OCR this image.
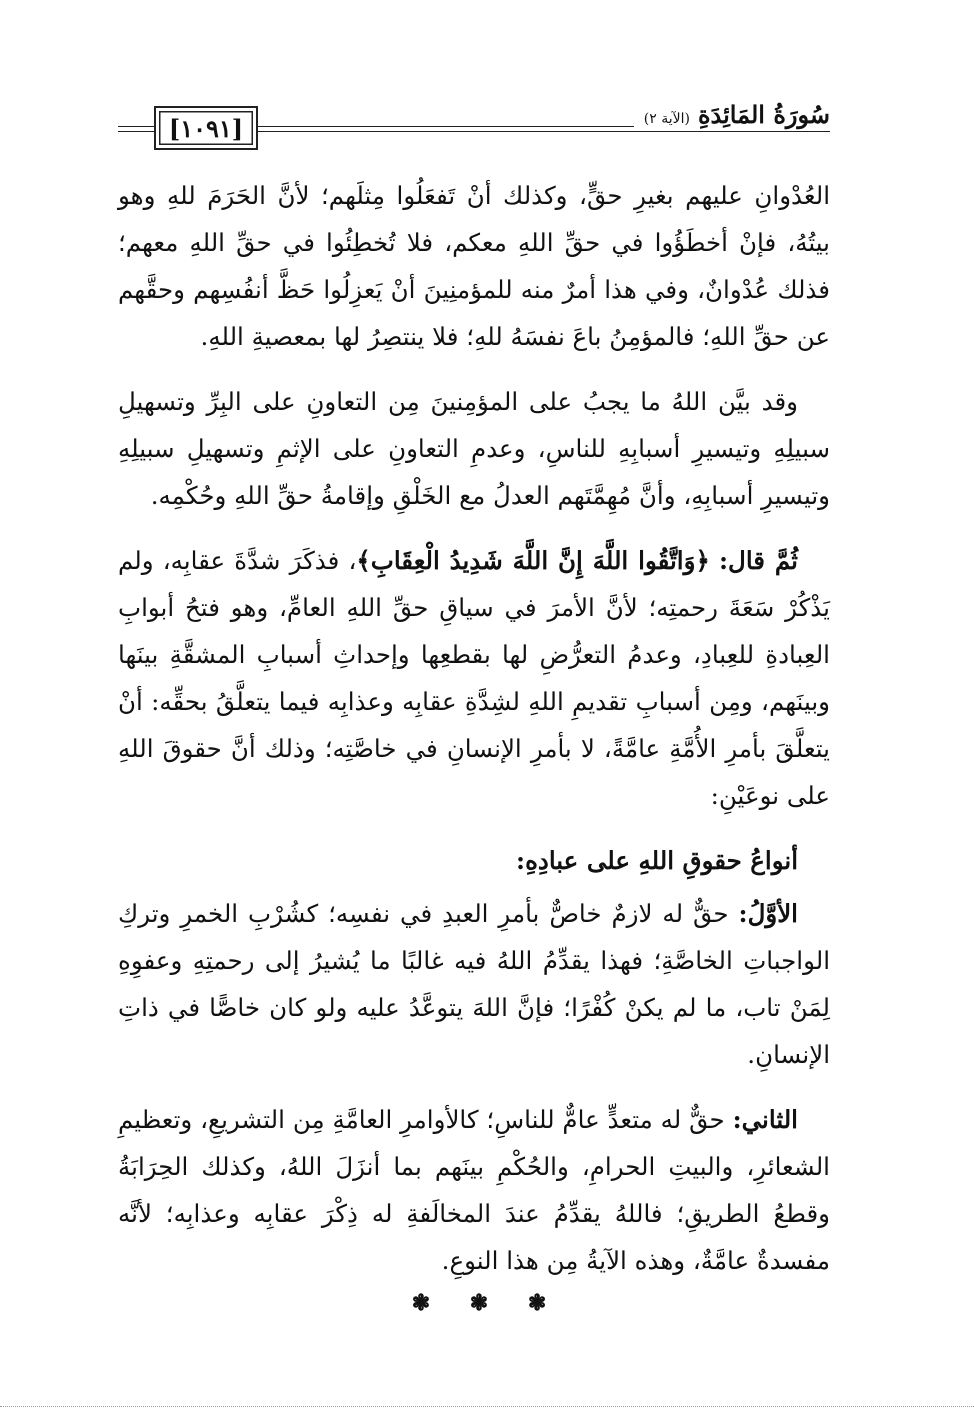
[١٠٩١]	سُورَةُ المَائِدَةِ
(الآية ٢)

العُدْوانِ عليهم بغيرِ حقٍّ، وكذلك أنْ تَفعَلُوا مِثلَهم؛ لأنَّ الحَرَمَ للهِ وهو بيتُهُ، فإنْ أخطَؤُوا في حقِّ اللهِ معكم، فلا تُخطِئُوا في حقِّ اللهِ معهم؛ فذلك عُدْوانٌ، وفي هذا أمرٌ منه للمؤمنِينَ أنْ يَعزِلُوا حَظَّ أنفُسِهم وحقَّهم عن حقِّ اللهِ؛ فالمؤمِنُ باعَ نفسَهُ للهِ؛ فلا ينتصِرُ لها بمعصيةِ اللهِ.

وقد بيَّن اللهُ ما يجبُ على المؤمِنينَ مِن التعاونِ على البِرِّ وتسهيلِ سبيلِهِ وتيسيرِ أسبابِهِ للناسِ، وعدمِ التعاونِ على الإثمِ وتسهيلِ سبيلِهِ وتيسيرِ أسبابِهِ، وأنَّ مُهِمَّتَهم العدلُ مع الخَلْقِ وإقامةُ حقِّ اللهِ وحُكْمِه.

ثُمَّ قال: ﴿وَاتَّقُوا اللَّهَ إِنَّ اللَّهَ شَدِيدُ الْعِقَابِ﴾، فذكَرَ شدَّةَ عقابِه، ولم يَذْكُرْ سَعَةَ رحمتِه؛ لأنَّ الأمرَ في سياقِ حقِّ اللهِ العامِّ، وهو فتحُ أبوابِ العِبادةِ للعِبادِ، وعدمُ التعرُّضِ لها بقطعِها وإحداثِ أسبابِ المشقَّةِ بينَها وبينَهم، ومِن أسبابِ تقديمِ اللهِ لشِدَّةِ عقابِه وعذابِه فيما يتعلَّقُ بحقِّه: أنْ يتعلَّقَ بأمرِ الأُمَّةِ عامَّةً، لا بأمرِ الإنسانِ في خاصَّتِه؛ وذلك أنَّ حقوقَ اللهِ على نوعَيْنِ:

أنواعُ حقوقِ اللهِ على عبادِهِ:

الأوَّلُ: حقٌّ له لازمٌ خاصٌّ بأمرِ العبدِ في نفسِه؛ كشُرْبِ الخمرِ وتركِ الواجباتِ الخاصَّةِ؛ فهذا يقدِّمُ اللهُ فيه غالبًا ما يُشيرُ إلى رحمتِهِ وعفوِهِ لِمَنْ تاب، ما لم يكنْ كُفْرًا؛ فإنَّ اللهَ يتوعَّدُ عليه ولو كان خاصًّا في ذاتِ الإنسانِ.

الثاني: حقٌّ له متعدٍّ عامٌّ للناسِ؛ كالأوامرِ العامَّةِ مِن التشريعِ، وتعظيمِ الشعائرِ، والبيتِ الحرامِ، والحُكْمِ بينَهم بما أنزَلَ اللهُ، وكذلك الحِرَابَةُ وقطعُ الطريقِ؛ فاللهُ يقدِّمُ عندَ المخالَفةِ له ذِكْرَ عقابِه وعذابِه؛ لأنَّه مفسدةٌ عامَّةٌ، وهذه الآيةُ مِن هذا النوعِ.

❃ ❃ ❃
